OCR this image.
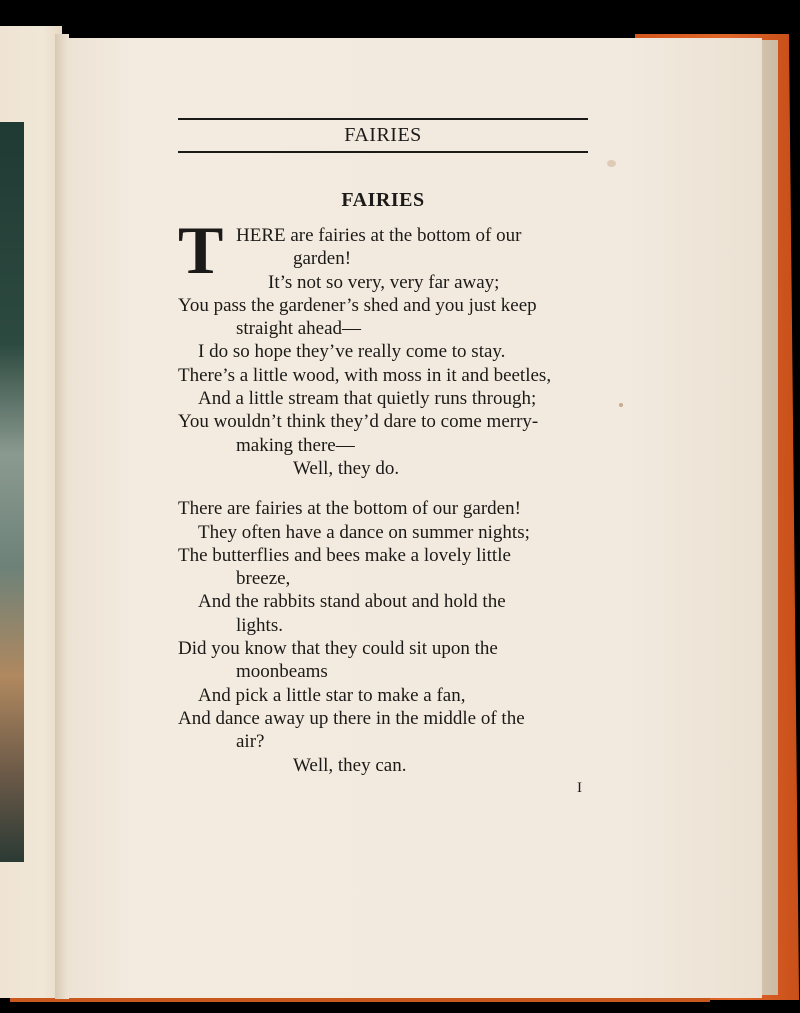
FAIRIES
FAIRIES
T HERE are fairies at the bottom of our
garden!
It’s not so very, very far away;
You pass the gardener’s shed and you just keep
straight ahead—
I do so hope they’ve really come to stay.
There’s a little wood, with moss in it and beetles,
And a little stream that quietly runs through;
You wouldn’t think they’d dare to come merry-
making there—
Well, they do.
There are fairies at the bottom of our garden!
They often have a dance on summer nights;
The butterflies and bees make a lovely little
breeze,
And the rabbits stand about and hold the
lights.
Did you know that they could sit upon the
moonbeams
And pick a little star to make a fan,
And dance away up there in the middle of the
air?
Well, they can.
I
